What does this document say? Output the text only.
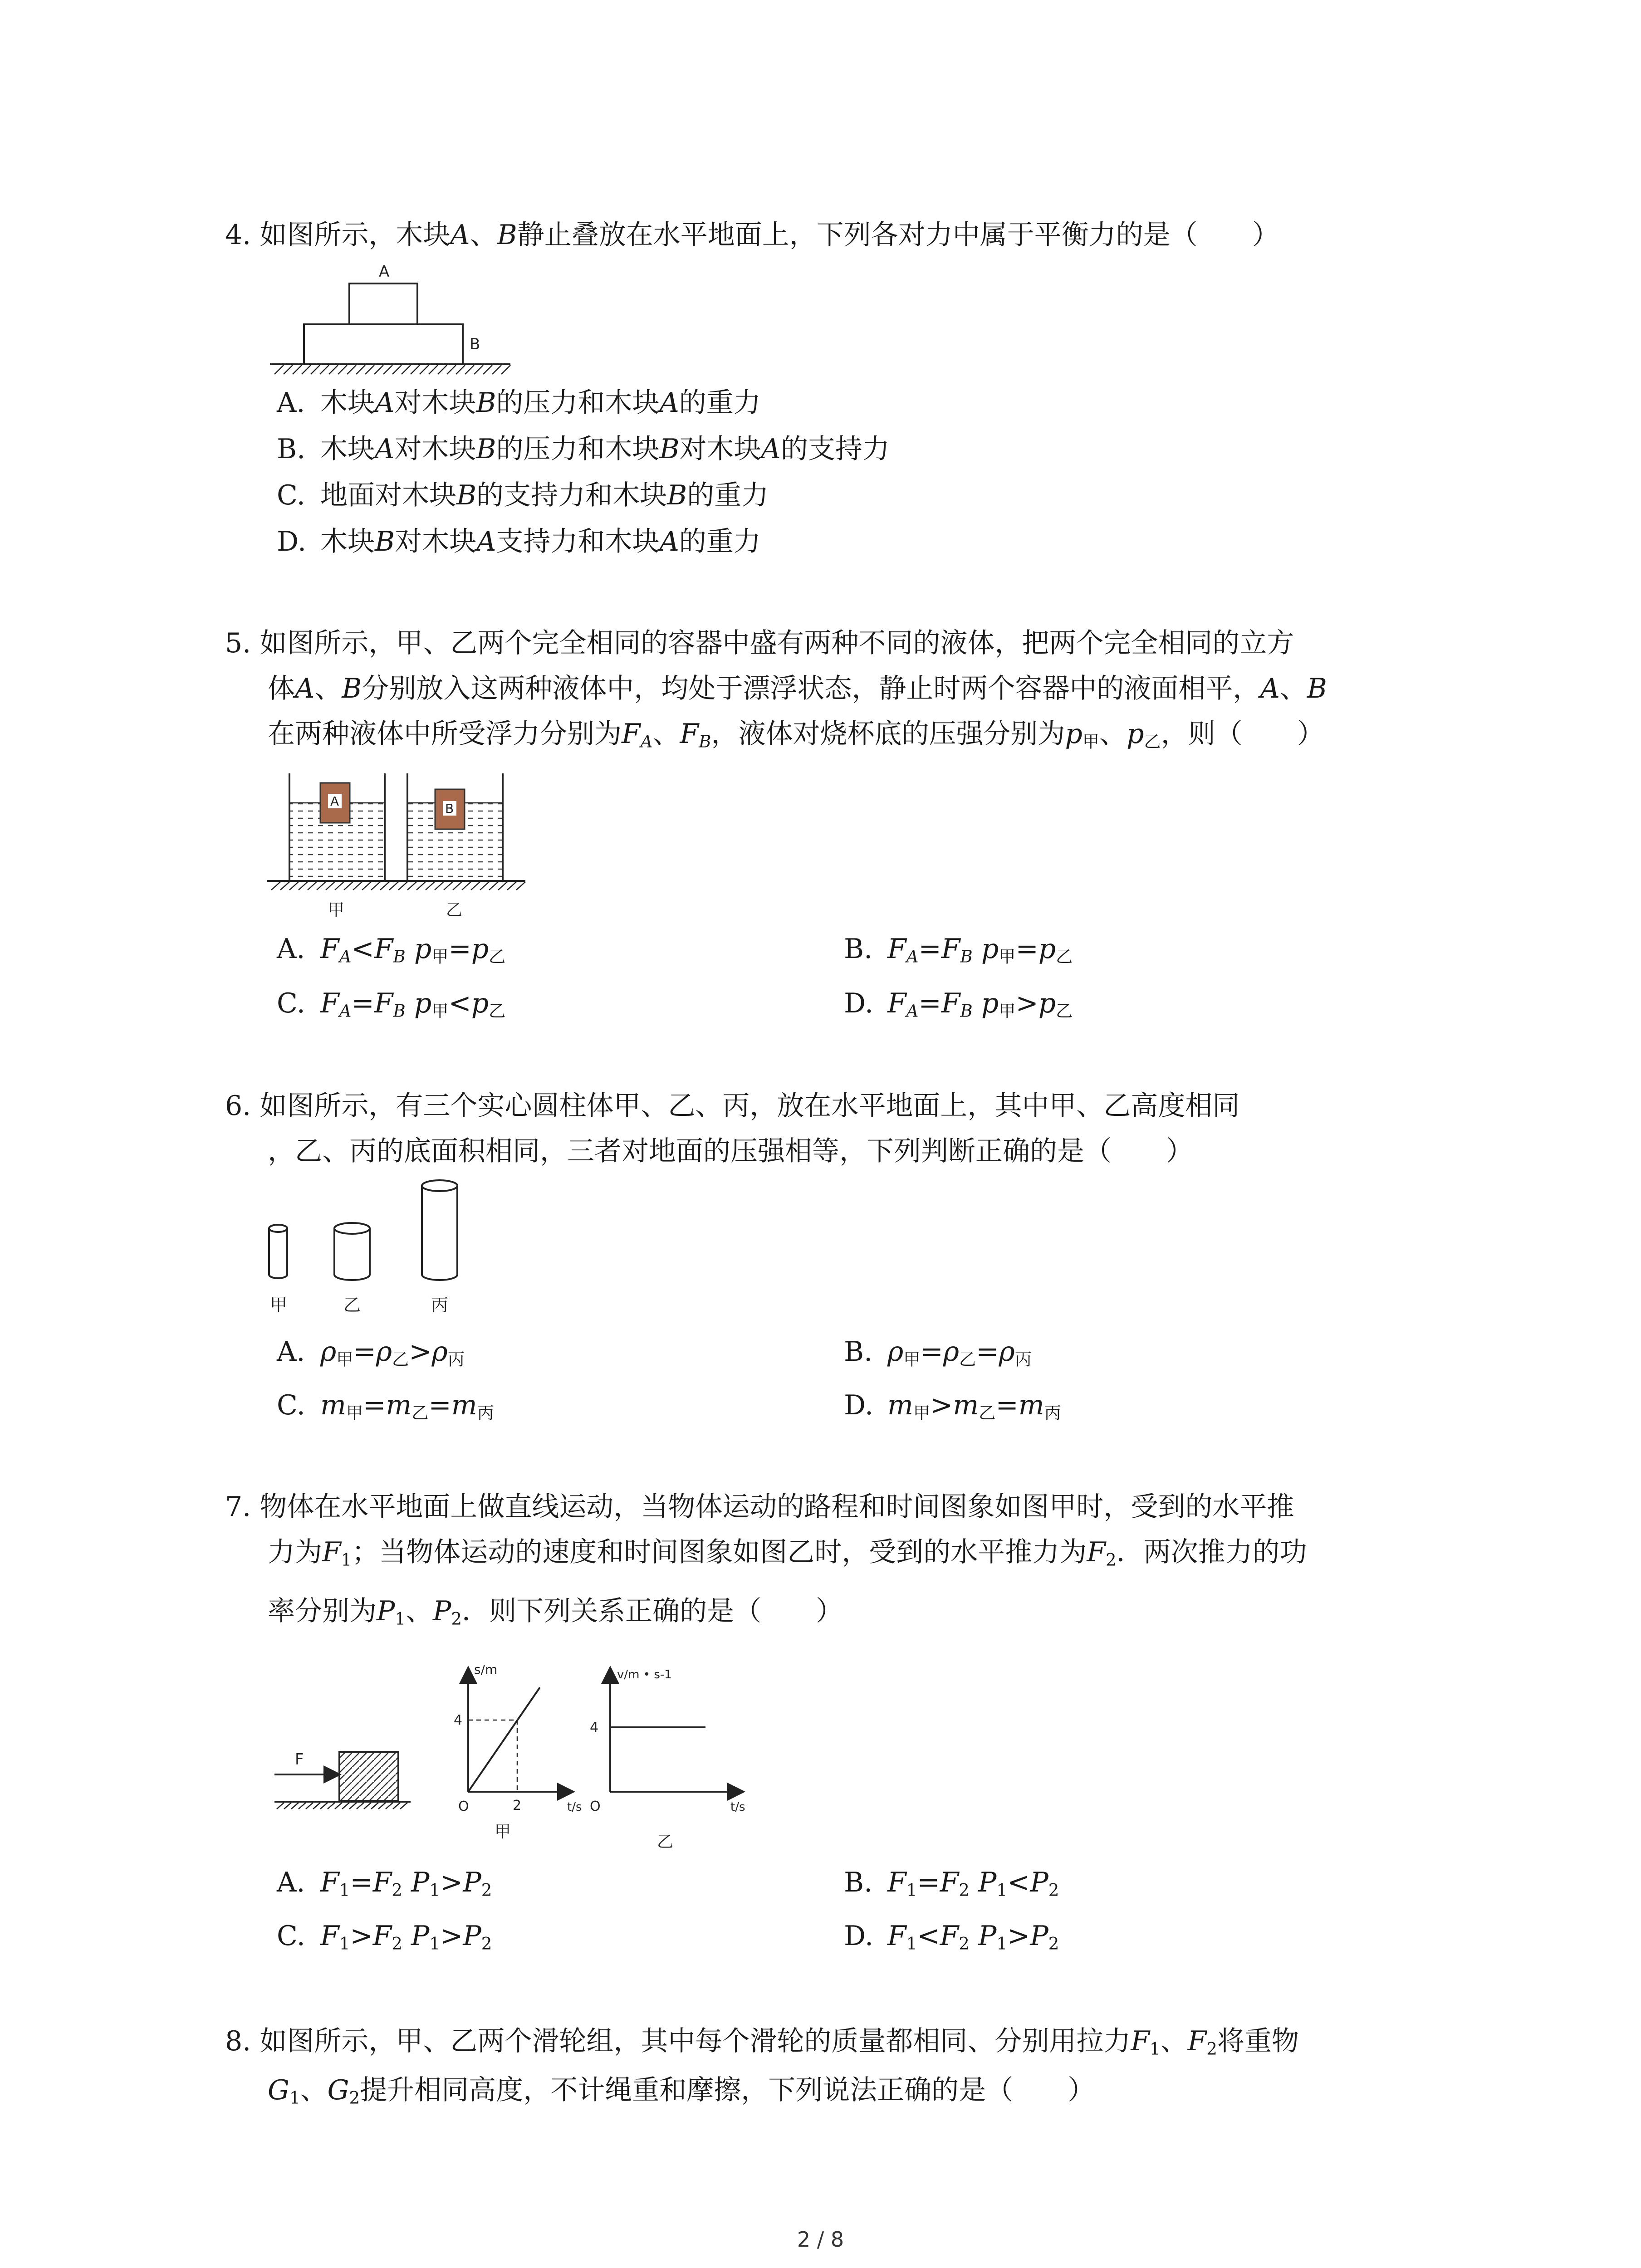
4. 如图所示，木块A、B静止叠放在水平地面上，下列各对力中属于平衡力的是（　　）
A
B
A. 木块A对木块B的压力和木块A的重力
B. 木块A对木块B的压力和木块B对木块A的支持力
C. 地面对木块B的支持力和木块B的重力
D. 木块B对木块A支持力和木块A的重力
5. 如图所示，甲、乙两个完全相同的容器中盛有两种不同的液体，把两个完全相同的立方
体A、B分别放入这两种液体中，均处于漂浮状态，静止时两个容器中的液面相平，A、B
在两种液体中所受浮力分别为$F_A$、$F_B$，液体对烧杯底的压强分别为$p_甲$、$p_乙$，则（　　）
A	B
甲	乙
A. $F_A<F_B$ $p_甲=p_乙$	B. $F_A=F_B$ $p_甲=p_乙$
C. $F_A=F_B$ $p_甲<p_乙$	D. $F_A=F_B$ $p_甲>p_乙$
6. 如图所示，有三个实心圆柱体甲、乙、丙，放在水平地面上，其中甲、乙高度相同
，乙、丙的底面积相同，三者对地面的压强相等，下列判断正确的是（　　）
甲	乙	丙
A. $\rho_甲=\rho_乙>\rho_丙$	B. $\rho_甲=\rho_乙=\rho_丙$
C. $m_甲=m_乙=m_丙$	D. $m_甲>m_乙=m_丙$
7. 物体在水平地面上做直线运动，当物体运动的路程和时间图象如图甲时，受到的水平推
力为$F_1$；当物体运动的速度和时间图象如图乙时，受到的水平推力为$F_2$．两次推力的功
率分别为$P_1$、$P_2$．则下列关系正确的是（　　）
F
s/m
4
2
O	t/s
甲
4
O	t/s
v/m • s-1
乙
A. $F_1=F_2$ $P_1>P_2$	B. $F_1=F_2$ $P_1<P_2$
C. $F_1>F_2$ $P_1>P_2$	D. $F_1<F_2$ $P_1>P_2$
8. 如图所示，甲、乙两个滑轮组，其中每个滑轮的质量都相同、分别用拉力$F_1$、$F_2$将重物
$G_1$、$G_2$提升相同高度，不计绳重和摩擦，下列说法正确的是（　　）
2 / 8
